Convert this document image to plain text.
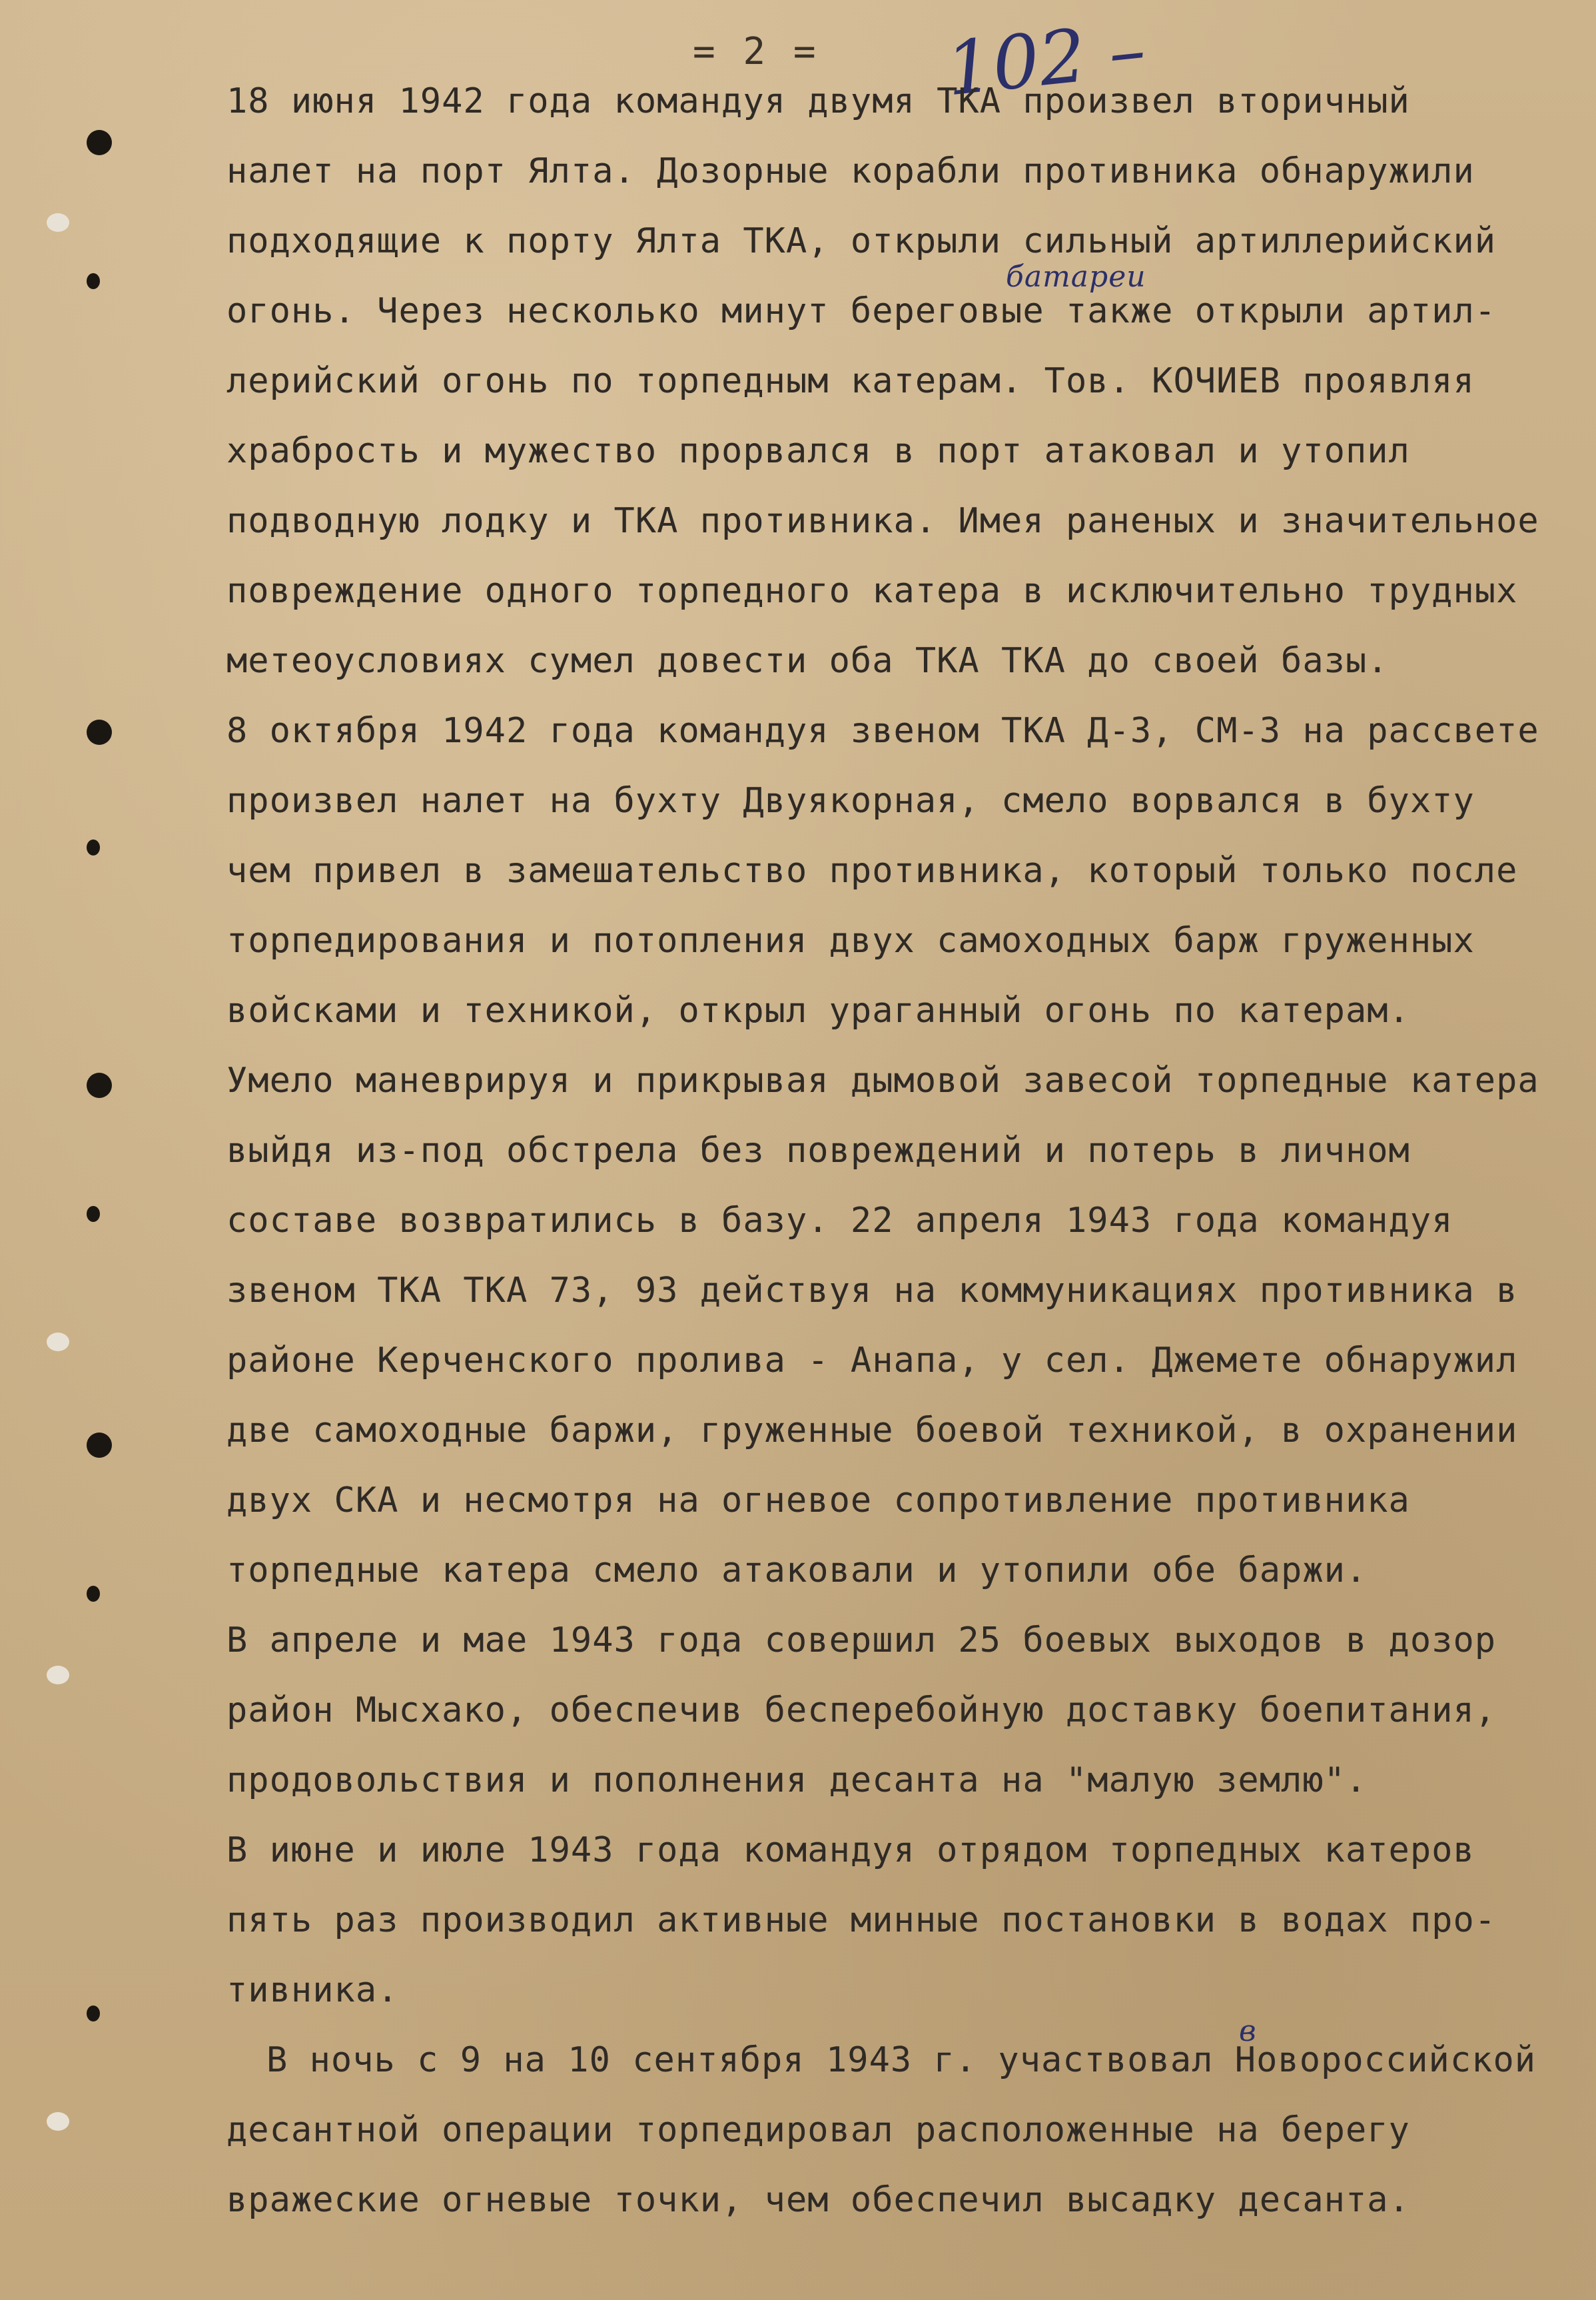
= 2 = 102 –
18 июня 1942 года командуя двумя ТКА произвел вторичный
налет на порт Ялта. Дозорные корабли противника обнаружили
подходящие к порту Ялта ТКА, открыли сильный артиллерийский
батареи
огонь. Через несколько минут береговые также открыли артил-
лерийский огонь по торпедным катерам. Тов. КОЧИЕВ проявляя
храбрость и мужество прорвался в порт атаковал и утопил
подводную лодку и ТКА противника. Имея раненых и значительное
повреждение одного торпедного катера в исключительно трудных
метеоусловиях сумел довести оба ТКА ТКА до своей базы.
8 октября 1942 года командуя звеном ТКА Д-3, СМ-3 на рассвете
произвел налет на бухту Двуякорная, смело ворвался в бухту
чем привел в замешательство противника, который только после
торпедирования и потопления двух самоходных барж груженных
войсками и техникой, открыл ураганный огонь по катерам.
Умело маневрируя и прикрывая дымовой завесой торпедные катера
выйдя из-под обстрела без повреждений и потерь в личном
составе возвратились в базу. 22 апреля 1943 года командуя
звеном ТКА ТКА 73, 93 действуя на коммуникациях противника в
районе Керченского пролива - Анапа, у сел. Джемете обнаружил
две самоходные баржи, груженные боевой техникой, в охранении
двух СКА и несмотря на огневое сопротивление противника
торпедные катера смело атаковали и утопили обе баржи.
В апреле и мае 1943 года совершил 25 боевых выходов в дозор
район Мысхако, обеспечив бесперебойную доставку боепитания,
продовольствия и пополнения десанта на "малую землю".
В июне и июле 1943 года командуя отрядом торпедных катеров
пять раз производил активные минные постановки в водах про-
тивника.
в
В ночь с 9 на 10 сентября 1943 г. участвовал Новороссийской
десантной операции торпедировал расположенные на берегу
вражеские огневые точки, чем обеспечил высадку десанта.
